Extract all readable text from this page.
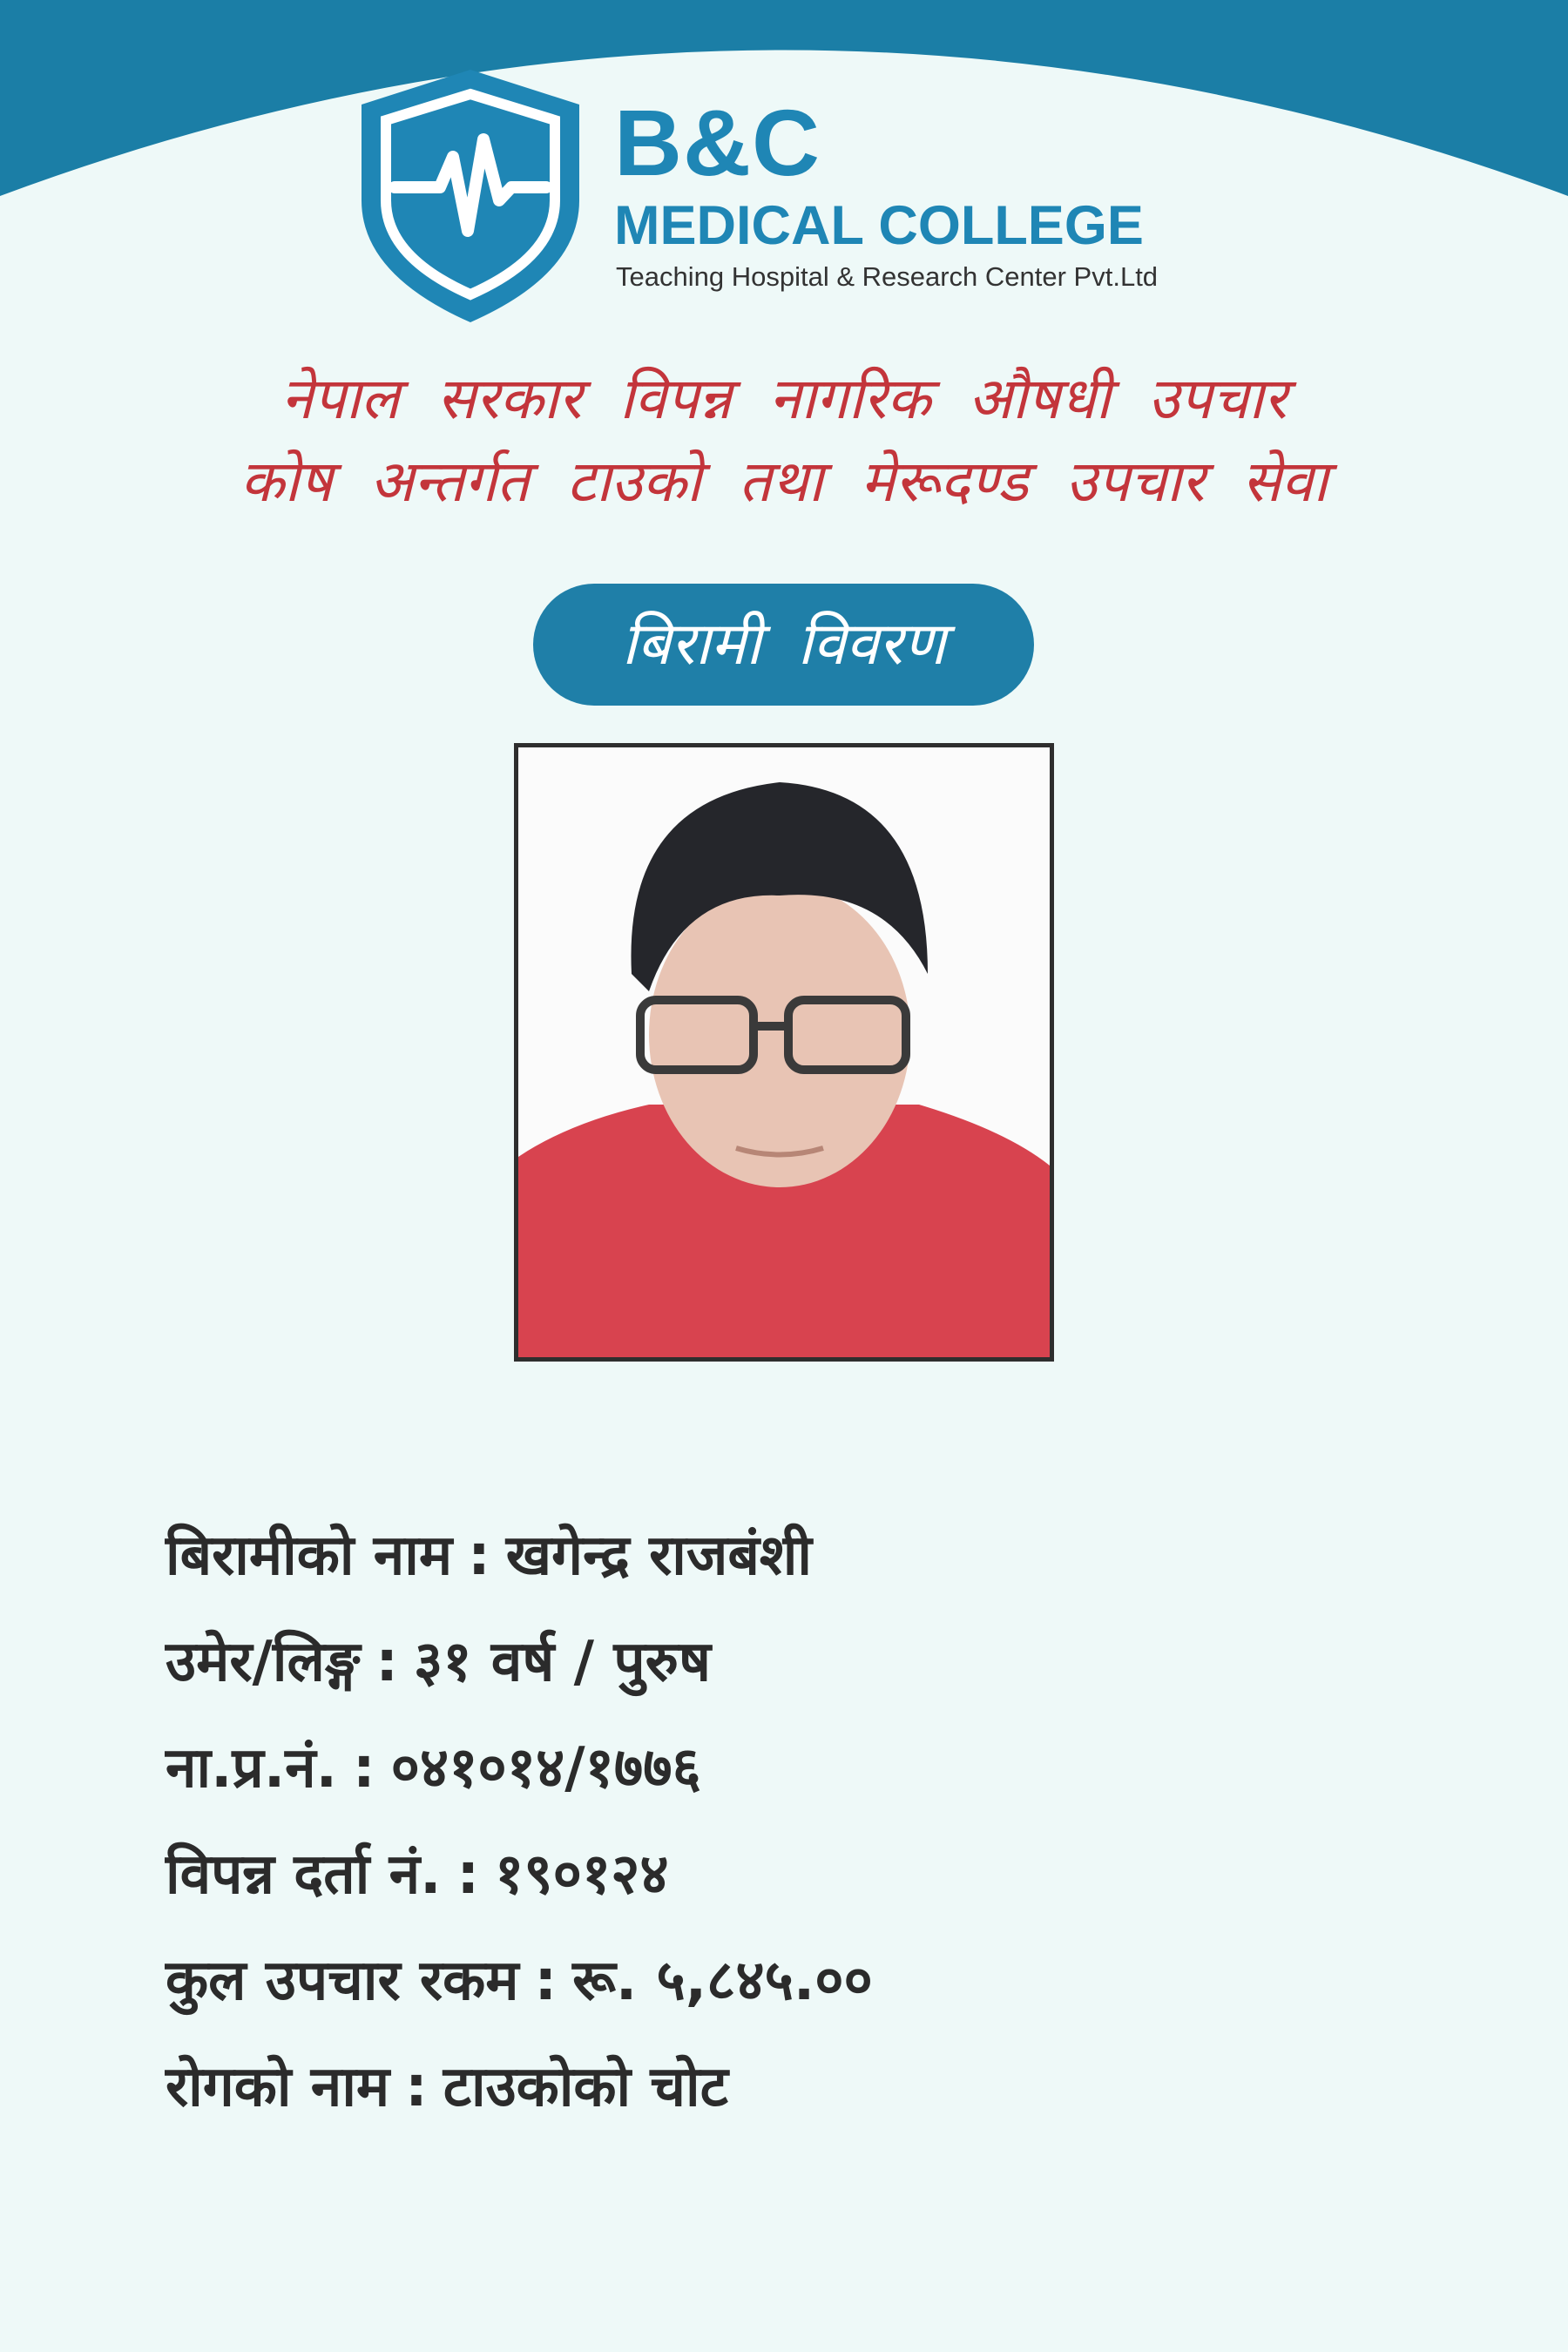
B&C
MEDICAL COLLEGE
Teaching Hospital & Research Center Pvt.Ltd
नेपाल सरकार विपन्न नागरिक औषधी उपचार
कोष अन्तर्गत टाउको तथा मेरूदण्ड उपचार सेवा
बिरामी विवरण
बिरामीको नाम : खगेन्द्र राजबंशी
उमेर/लिङ्ग : ३१ वर्ष / पुरुष
ना.प्र.नं. : ०४१०१४/१७७६
विपन्न दर्ता नं. : १९०१२४
कुल उपचार रकम : रू. ५,८४५.००
रोगको नाम : टाउकोको चोट
